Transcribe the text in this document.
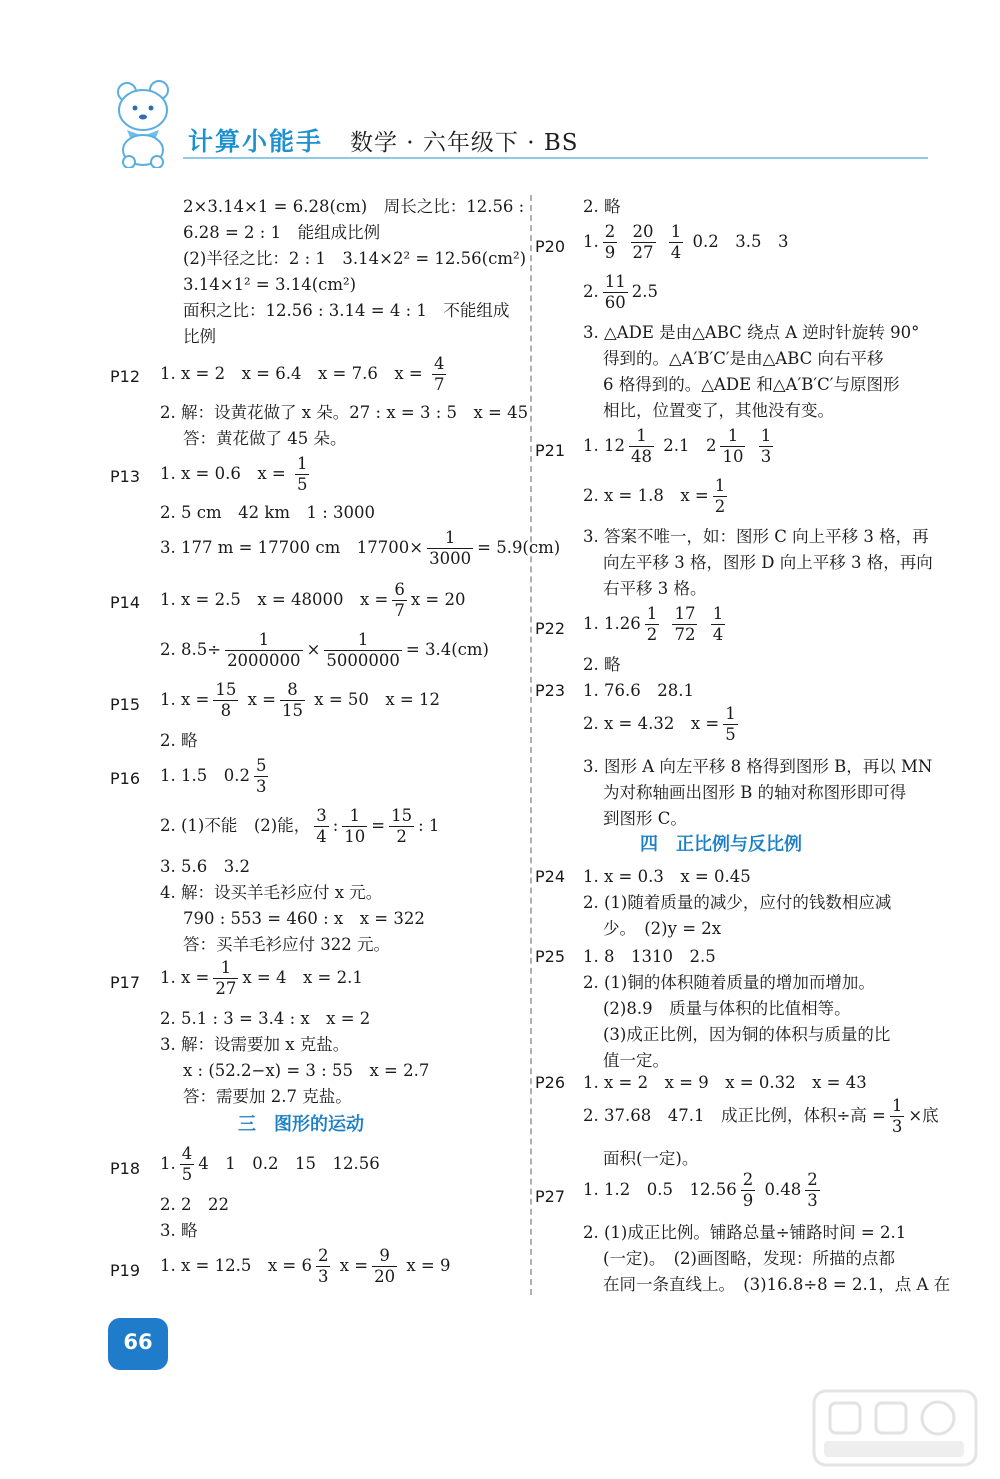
计算小能手 数学 · 六年级下 · BS
2×3.14×1 = 6.28(cm)　周长之比：12.56 :
6.28 = 2 : 1　能组成比例
(2)半径之比：2 : 1　3.14×2² = 12.56(cm²)
3.14×1² = 3.14(cm²)
面积之比：12.56 : 3.14 = 4 : 1　不能组成
比例
P12 1. x = 2　x = 6.4　x = 7.6　$x = \frac{4}{7}$
2. 解：设黄花做了 x 朵。27 : x = 3 : 5　x = 45
答：黄花做了 45 朵。
P13 1. x = 0.6　$x = \frac{1}{5}$
2. 5 cm　42 km　1 : 3000
3. 177 m = 17700 cm　$17700\times \frac{1}{3000} = 5.9(cm)$
P14 1. x = 2.5　x = 48000　$x = \frac{6}{7}$ x = 20
2. $8.5\div \frac{1}{2000000} \times \frac{1}{5000000} = 3.4(cm)$
P15 1. $x = \frac{15}{8}$ $x = \frac{8}{15}$ x = 50　x = 12
2. 略
P16 1. 1.5　$0.2 \frac{5}{3}$
2. (1)不能　(2)能， $\frac{3}{4}$ : $\frac{1}{10} = \frac{15}{2}$ : 1
3. 5.6　3.2
4. 解：设买羊毛衫应付 x 元。
790 : 553 = 460 : x　x = 322
答：买羊毛衫应付 322 元。
P17 1. $x = \frac{1}{27}$ x = 4　x = 2.1
2. 5.1 : 3 = 3.4 : x　x = 2
3. 解：设需要加 x 克盐。
x : (52.2−x) = 3 : 55　x = 2.7
答：需要加 2.7 克盐。
三　图形的运动
P18 1. $\frac{4}{5} 4$　1　0.2　15　12.56
2. 2　22
3. 略
P19 1. x = 12.5　$x = 6 \frac{2}{3}$ $x = \frac{9}{20}$ x = 9
2. 略
P20 1. $\frac{2}{9}$
$\frac{20}{27}$
$\frac{1}{4} 0.2$　3.5　3
2. $\frac{11}{60} 2.5$
3. △ADE 是由△ABC 绕点 A 逆时针旋转 90°
得到的。△A′B′C′是由△ABC 向右平移
6 格得到的。△ADE 和△A′B′C′与原图形
相比，位置变了，其他没有变。
P21 1. $12 \frac{1}{48} 2.1$　$2 \frac{1}{10}$
$\frac{1}{3}$
2. x = 1.8　$x = \frac{1}{2}$
3. 答案不唯一，如：图形 C 向上平移 3 格，再
向左平移 3 格，图形 D 向上平移 3 格，再向
右平移 3 格。
P22 1. $1.26 \frac{1}{2}$
$\frac{17}{72}$
$\frac{1}{4}$
2. 略
P23 1. 76.6　28.1
2. x = 4.32　$x = \frac{1}{5}$
3. 图形 A 向左平移 8 格得到图形 B，再以 MN
为对称轴画出图形 B 的轴对称图形即可得
到图形 C。
四　正比例与反比例
P24 1. x = 0.3　x = 0.45
2. (1)随着质量的减少，应付的钱数相应减
少。　(2)y = 2x
P25 1. 8　1310　2.5
2. (1)铜的体积随着质量的增加而增加。
(2)8.9　质量与体积的比值相等。
(3)成正比例，因为铜的体积与质量的比
值一定。
P26 1. x = 2　x = 9　x = 0.32　x = 43
2. 37.68　47.1　成正比例，体积÷高 = $\frac{1}{3}$ ×底
面积(一定)。
P27 1. 1.2　0.5　$12.56 \frac{2}{9} 0.48 \frac{2}{3}$
2. (1)成正比例。铺路总量÷铺路时间 = 2.1
(一定)。　(2)画图略，发现：所描的点都
在同一条直线上。　(3)16.8÷8 = 2.1，点 A 在
66
